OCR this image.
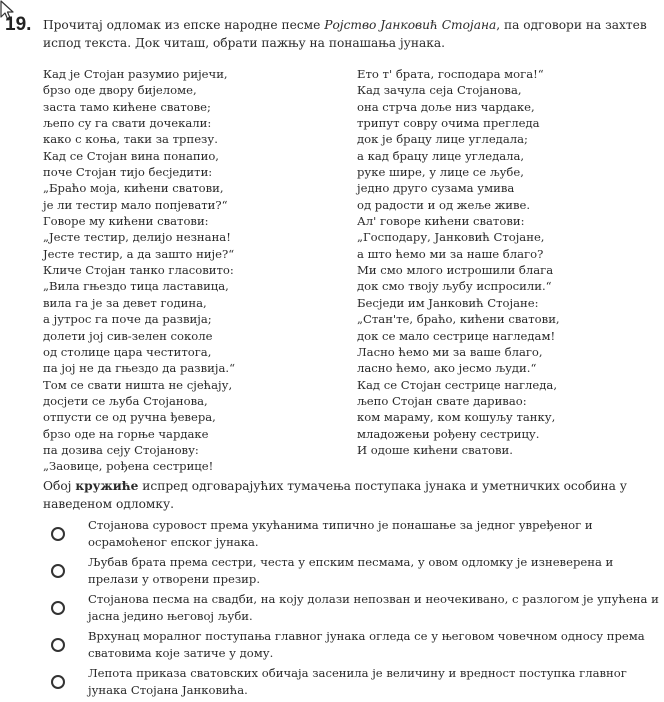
19. Прочитај одломак из епске народне песме Ројство Јанковић Стојана, па одговори на захтев испод текста. Док читаш, обрати пажњу на понашања јунака.
Кад је Стојан разумио ријечи,
брзо оде двору бијеломе,
заста тамо кићене сватове;
љепо су га свати дочекали:
како с коња, таки за трпезу.
Кад се Стојан вина понапио,
поче Стојан тијо бесједити:
„Браћо моја, кићени сватови,
је ли тестир мало попјевати?“
Говоре му кићени сватови:
„Јесте тестир, делијо незнана!
Јесте тестир, а да зашто није?“
Кличе Стојан танко гласовито:
„Вила гњездо тица ластавица,
вила га је за девет година,
а јутрос га поче да развија;
долети јој сив-зелен соколе
од столице цара честитога,
па јој не да гњездо да развија.“
Том се свати ништа не сјећају,
досјети се љуба Стојанова,
отпусти се од ручна ђевера,
брзо оде на горње чардаке
па дозива сеју Стојанову:
„Заовице, рођена сестрице!
Ето т' брата, господара мога!“
Кад зачула сеја Стојанова,
она стрча доље низ чардаке,
трипут совру очима прегледа
док је брацу лице угледала;
а кад брацу лице угледала,
руке шире, у лице се љубе,
једно друго сузама умива
од радости и од жеље живе.
Ал' говоре кићени сватови:
„Господару, Јанковић Стојане,
а што ћемо ми за наше благо?
Ми смо млого истрошили блага
док смо твоју љубу испросили.“
Бесједи им Јанковић Стојане:
„Стан'те, браћо, кићени сватови,
док се мало сестрице нагледам!
Ласно ћемо ми за ваше благо,
ласно ћемо, ако јесмо људи.“
Кад се Стојан сестрице нагледа,
љепо Стојан свате даривао:
ком мараму, ком кошуљу танку,
младожењи рођену сестрицу.
И одоше кићени сватови.
Обој кружиће испред одговарајућих тумачења поступака јунака и уметничких особина у наведеном одломку.
Стојанова суровост према укућанима типично је понашање за једног увређеног и осрамоћеног епског јунака.
Љубав брата према сестри, честа у епским песмама, у овом одломку је изневерена и прелази у отворени презир.
Стојанова песма на свадби, на коју долази непозван и неочекивано, с разлогом је упућена и јасна једино његовој љуби.
Врхунац моралног поступања главног јунака огледа се у његовом човечном односу према сватовима које затиче у дому.
Лепота приказа сватовских обичаја засенила је величину и вредност поступка главног јунака Стојана Јанковића.
